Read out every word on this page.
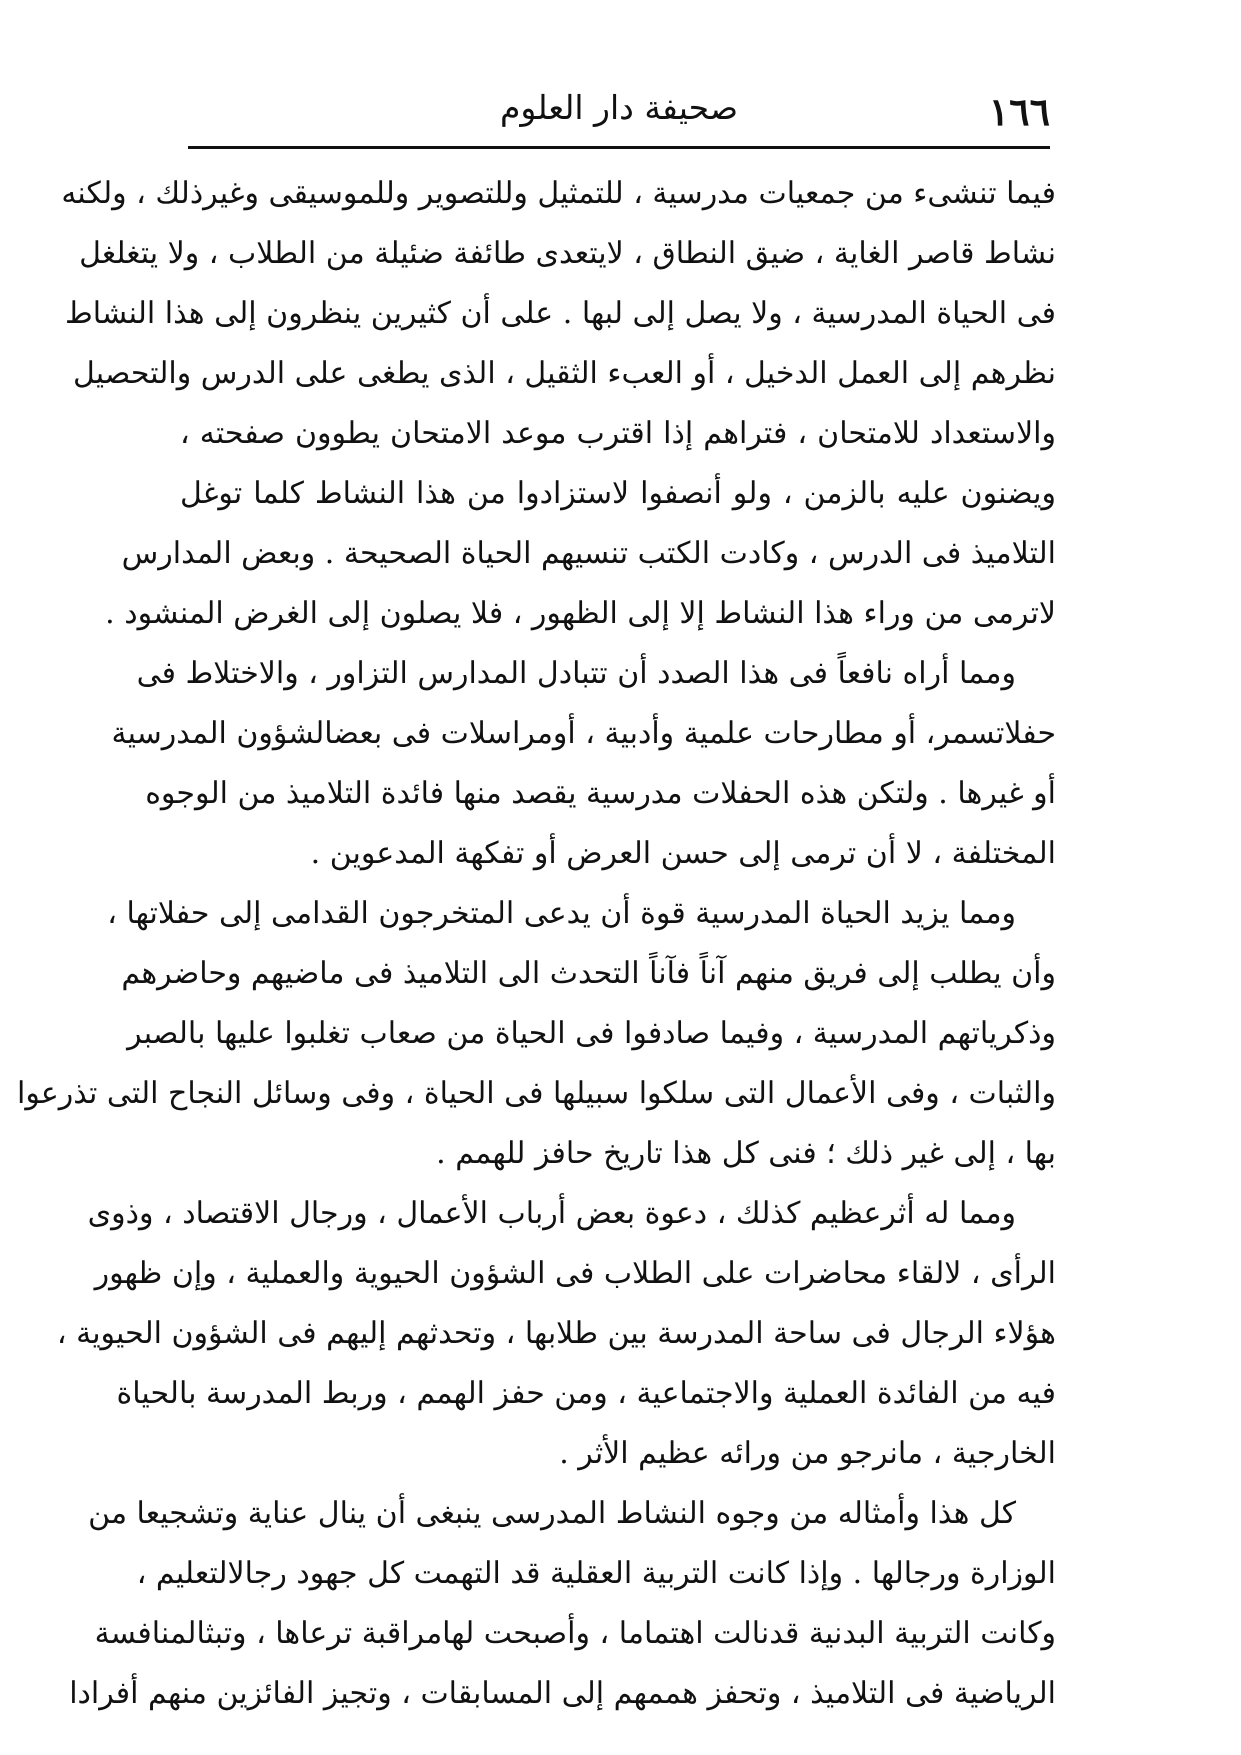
١٦٦
صحيفة دار العلوم
فيما تنشىء من جمعيات مدرسية ، للتمثيل وللتصوير وللموسيقى وغيرذلك ، ولكنه
نشاط قاصر الغاية ، ضيق النطاق ، لايتعدى طائفة ضئيلة من الطلاب ، ولا يتغلغل
فى الحياة المدرسية ، ولا يصل إلى لبها . على أن كثيرين ينظرون إلى هذا النشاط
نظرهم إلى العمل الدخيل ، أو العبء الثقيل ، الذى يطغى على الدرس والتحصيل
والاستعداد للامتحان ، فتراهم إذا اقترب موعد الامتحان يطوون صفحته ،
ويضنون عليه بالزمن ، ولو أنصفوا لاستزادوا من هذا النشاط كلما توغل
التلاميذ فى الدرس ، وكادت الكتب تنسيهم الحياة الصحيحة . وبعض المدارس
لاترمى من وراء هذا النشاط إلا إلى الظهور ، فلا يصلون إلى الغرض المنشود .
ومما أراه نافعاً فى هذا الصدد أن تتبادل المدارس التزاور ، والاختلاط فى
حفلاتسمر، أو مطارحات علمية وأدبية ، أومراسلات فى بعضالشؤون المدرسية
أو غيرها . ولتكن هذه الحفلات مدرسية يقصد منها فائدة التلاميذ من الوجوه
المختلفة ، لا أن ترمى إلى حسن العرض أو تفكهة المدعوين .
ومما يزيد الحياة المدرسية قوة أن يدعى المتخرجون القدامى إلى حفلاتها ،
وأن يطلب إلى فريق منهم آناً فآناً التحدث الى التلاميذ فى ماضيهم وحاضرهم
وذكرياتهم المدرسية ، وفيما صادفوا فى الحياة من صعاب تغلبوا عليها بالصبر
والثبات ، وفى الأعمال التى سلكوا سبيلها فى الحياة ، وفى وسائل النجاح التى تذرعوا
بها ، إلى غير ذلك ؛ فنى كل هذا تاريخ حافز للهمم .
ومما له أثرعظيم كذلك ، دعوة بعض أرباب الأعمال ، ورجال الاقتصاد ، وذوى
الرأى ، لالقاء محاضرات على الطلاب فى الشؤون الحيوية والعملية ، وإن ظهور
هؤلاء الرجال فى ساحة المدرسة بين طلابها ، وتحدثهم إليهم فى الشؤون الحيوية ،
فيه من الفائدة العملية والاجتماعية ، ومن حفز الهمم ، وربط المدرسة بالحياة
الخارجية ، مانرجو من ورائه عظيم الأثر .
كل هذا وأمثاله من وجوه النشاط المدرسى ينبغى أن ينال عناية وتشجيعا من
الوزارة ورجالها . وإذا كانت التربية العقلية قد التهمت كل جهود رجالالتعليم ،
وكانت التربية البدنية قدنالت اهتماما ، وأصبحت لهامراقبة ترعاها ، وتبثالمنافسة
الرياضية فى التلاميذ ، وتحفز هممهم إلى المسابقات ، وتجيز الفائزين منهم أفرادا
